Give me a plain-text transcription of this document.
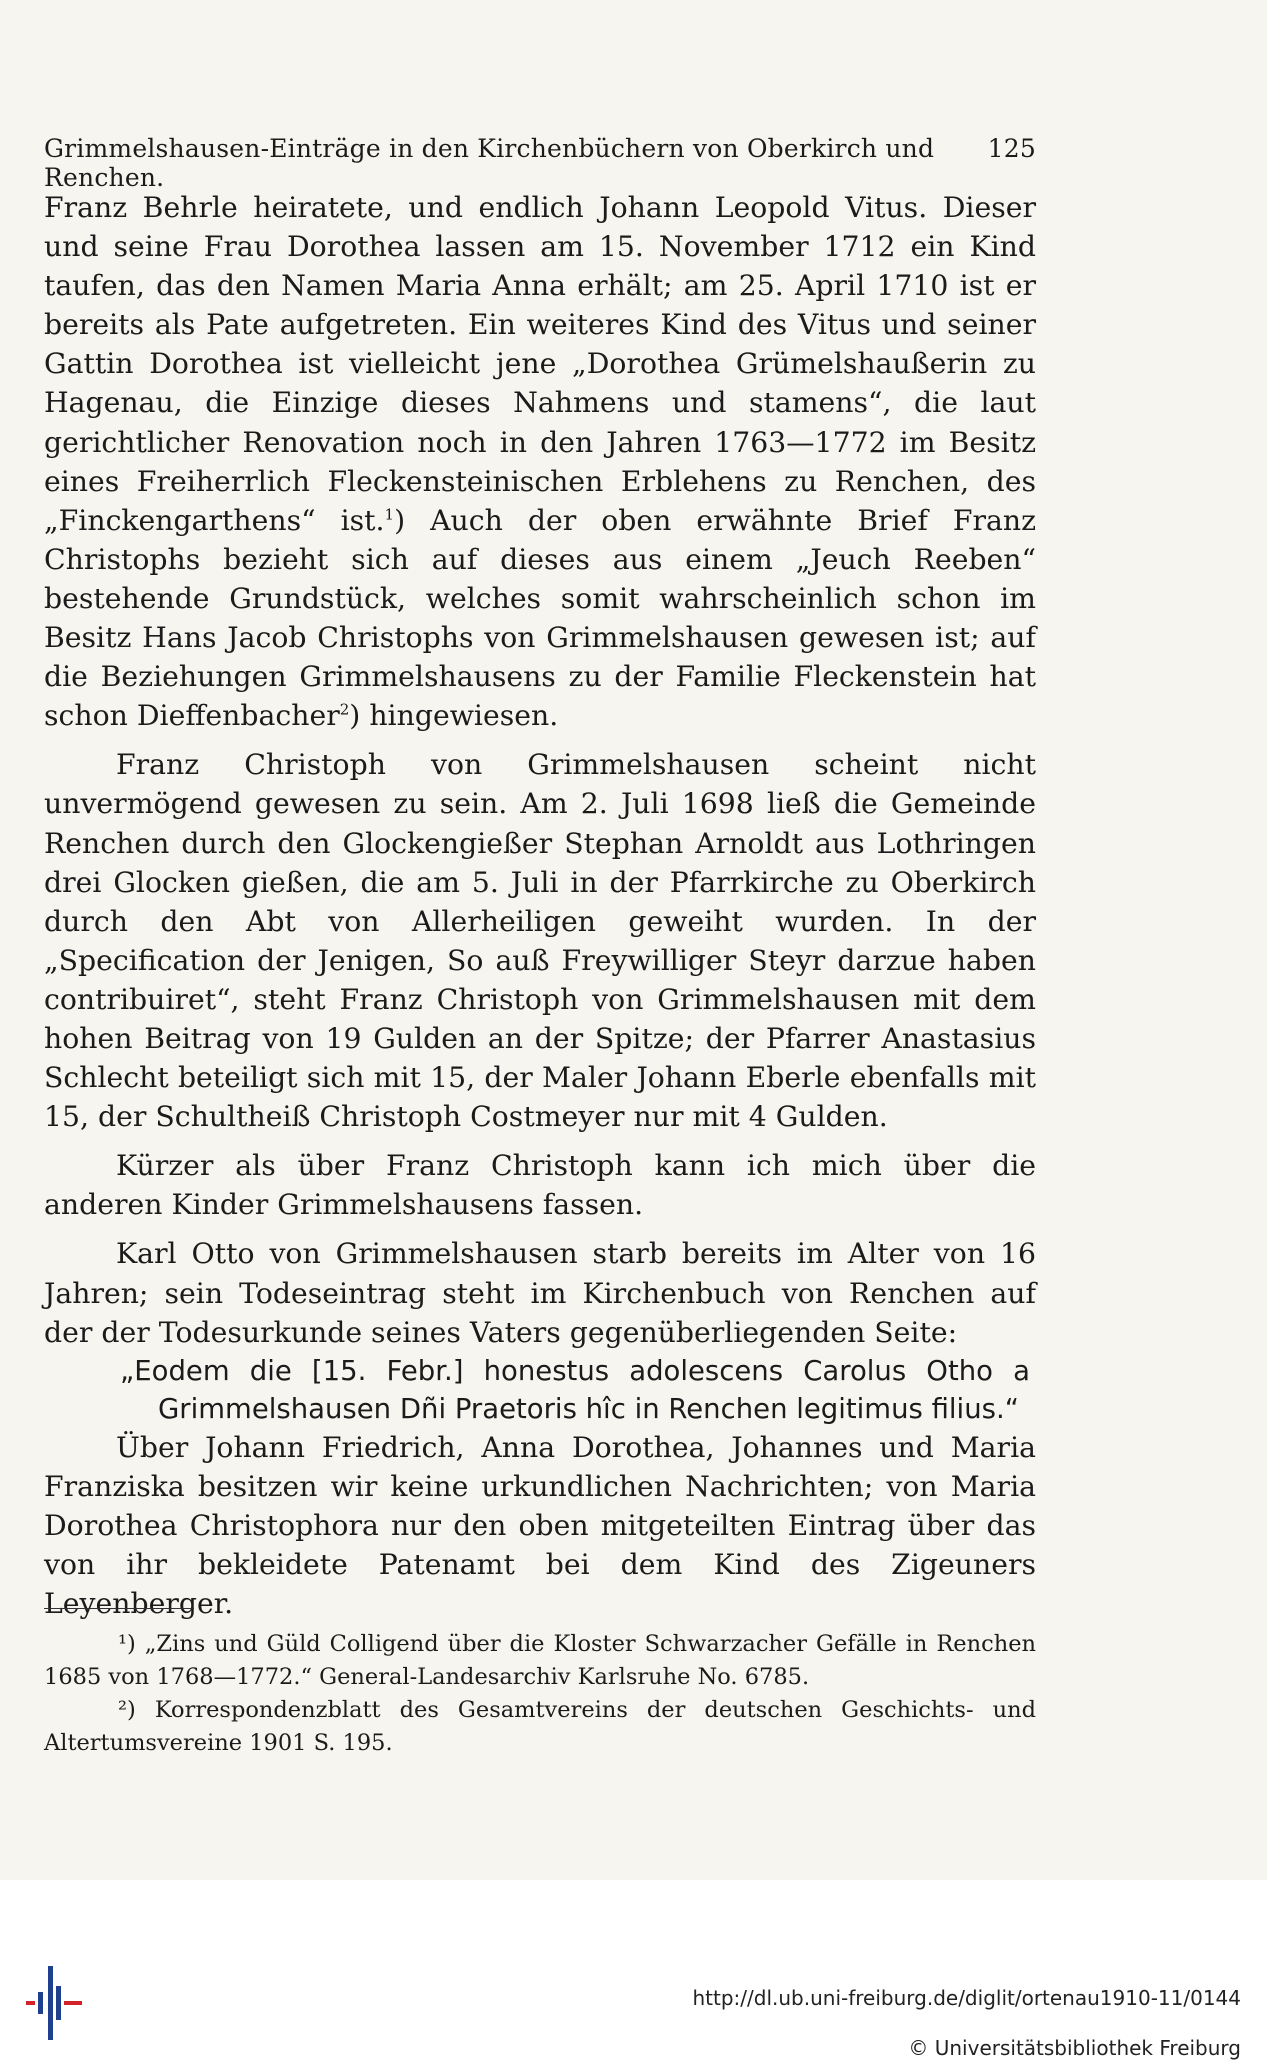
Grimmelshausen-Einträge in den Kirchenbüchern von Oberkirch und Renchen.
125

Franz Behrle heiratete, und endlich Johann Leopold Vitus. Dieser und seine Frau Dorothea lassen am 15. November 1712 ein Kind taufen, das den Namen Maria Anna erhält; am 25. April 1710 ist er bereits als Pate aufgetreten. Ein weiteres Kind des Vitus und seiner Gattin Dorothea ist vielleicht jene „Dorothea Grümelshaußerin zu Hagenau, die Einzige dieses Nahmens und stamens“, die laut gerichtlicher Renovation noch in den Jahren 1763—1772 im Besitz eines Freiherrlich Fleckensteinischen Erblehens zu Renchen, des „Finckengarthens“ ist.$^1$) Auch der oben erwähnte Brief Franz Christophs bezieht sich auf dieses aus einem „Jeuch Reeben“ bestehende Grundstück, welches somit wahrscheinlich schon im Besitz Hans Jacob Christophs von Grimmelshausen gewesen ist; auf die Beziehungen Grimmelshausens zu der Familie Fleckenstein hat schon Dieffenbacher$^2$) hingewiesen.

Franz Christoph von Grimmelshausen scheint nicht unvermögend gewesen zu sein. Am 2. Juli 1698 ließ die Gemeinde Renchen durch den Glockengießer Stephan Arnoldt aus Lothringen drei Glocken gießen, die am 5. Juli in der Pfarrkirche zu Oberkirch durch den Abt von Allerheiligen geweiht wurden. In der „Specification der Jenigen, So auß Freywilliger Steyr darzue haben contribuiret“, steht Franz Christoph von Grimmelshausen mit dem hohen Beitrag von 19 Gulden an der Spitze; der Pfarrer Anastasius Schlecht beteiligt sich mit 15, der Maler Johann Eberle ebenfalls mit 15, der Schultheiß Christoph Costmeyer nur mit 4 Gulden.

Kürzer als über Franz Christoph kann ich mich über die anderen Kinder Grimmelshausens fassen.

Karl Otto von Grimmelshausen starb bereits im Alter von 16 Jahren; sein Todeseintrag steht im Kirchenbuch von Renchen auf der der Todesurkunde seines Vaters gegenüberliegenden Seite:

„Eodem die [15. Febr.] honestus adolescens Carolus Otho a Grimmelshausen Dñi Praetoris hîc in Renchen legitimus filius.“

Über Johann Friedrich, Anna Dorothea, Johannes und Maria Franziska besitzen wir keine urkundlichen Nachrichten; von Maria Dorothea Christophora nur den oben mitgeteilten Eintrag über das von ihr bekleidete Patenamt bei dem Kind des Zigeuners Leyenberger.

¹) „Zins und Güld Colligend über die Kloster Schwarzacher Gefälle in Renchen 1685 von 1768—1772.“ General-Landesarchiv Karlsruhe No. 6785.

²) Korrespondenzblatt des Gesamtvereins der deutschen Geschichts- und Altertumsvereine 1901 S. 195.

http://dl.ub.uni-freiburg.de/diglit/ortenau1910-11/0144
© Universitätsbibliothek Freiburg
